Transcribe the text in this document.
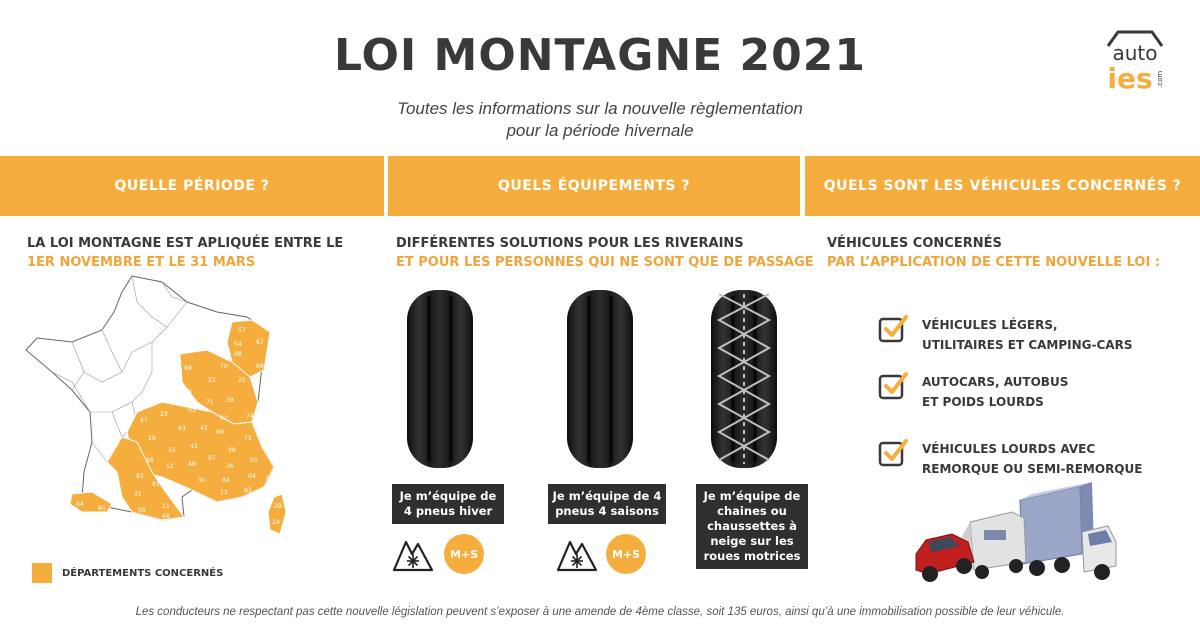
LOI MONTAGNE 2021
Toutes les informations sur la nouvelle règlementation
pour la période hivernale
auto
ies .com
QUELLE PÉRIODE ?	QUELS ÉQUIPEMENTS ?	QUELS SONT LES VÉHICULES CONCERNÉS ?
LA LOI MONTAGNE EST APLIQUÉE ENTRE LE
1ER NOVEMBRE ET LE 31 MARS
DIFFÉRENTES SOLUTIONS POUR LES RIVERAINS
ET POUR LES PERSONNES QUI NE SONT QUE DE PASSAGE
VÉHICULES CONCERNÉS
PAR L’APPLICATION DE CETTE NOUVELLE LOI :
57
67
54
88
68
89	70
25
21
58
71 39
03
01	74
23
87
63 42
69
73
19
15
43
38
07	05
46
12 48	26
04
82
81
30	84	06
83
13
31	34
64
65	09
11
66
2B
2A
DÉPARTEMENTS CONCERNÉS
Je m’équipe de 4 pneus hiver
Je m’équipe de 4 pneus 4 saisons
Je m’équipe de chaines ou chaussettes à neige sur les roues motrices
M+S	M+S
VÉHICULES LÉGERS,
UTILITAIRES ET CAMPING-CARS
AUTOCARS, AUTOBUS
ET POIDS LOURDS
VÉHICULES LOURDS AVEC
REMORQUE OU SEMI-REMORQUE
Les conducteurs ne respectant pas cette nouvelle législation peuvent s’exposer à une amende de 4ème classe, soit 135 euros, ainsi qu’à une immobilisation possible de leur véhicule.
